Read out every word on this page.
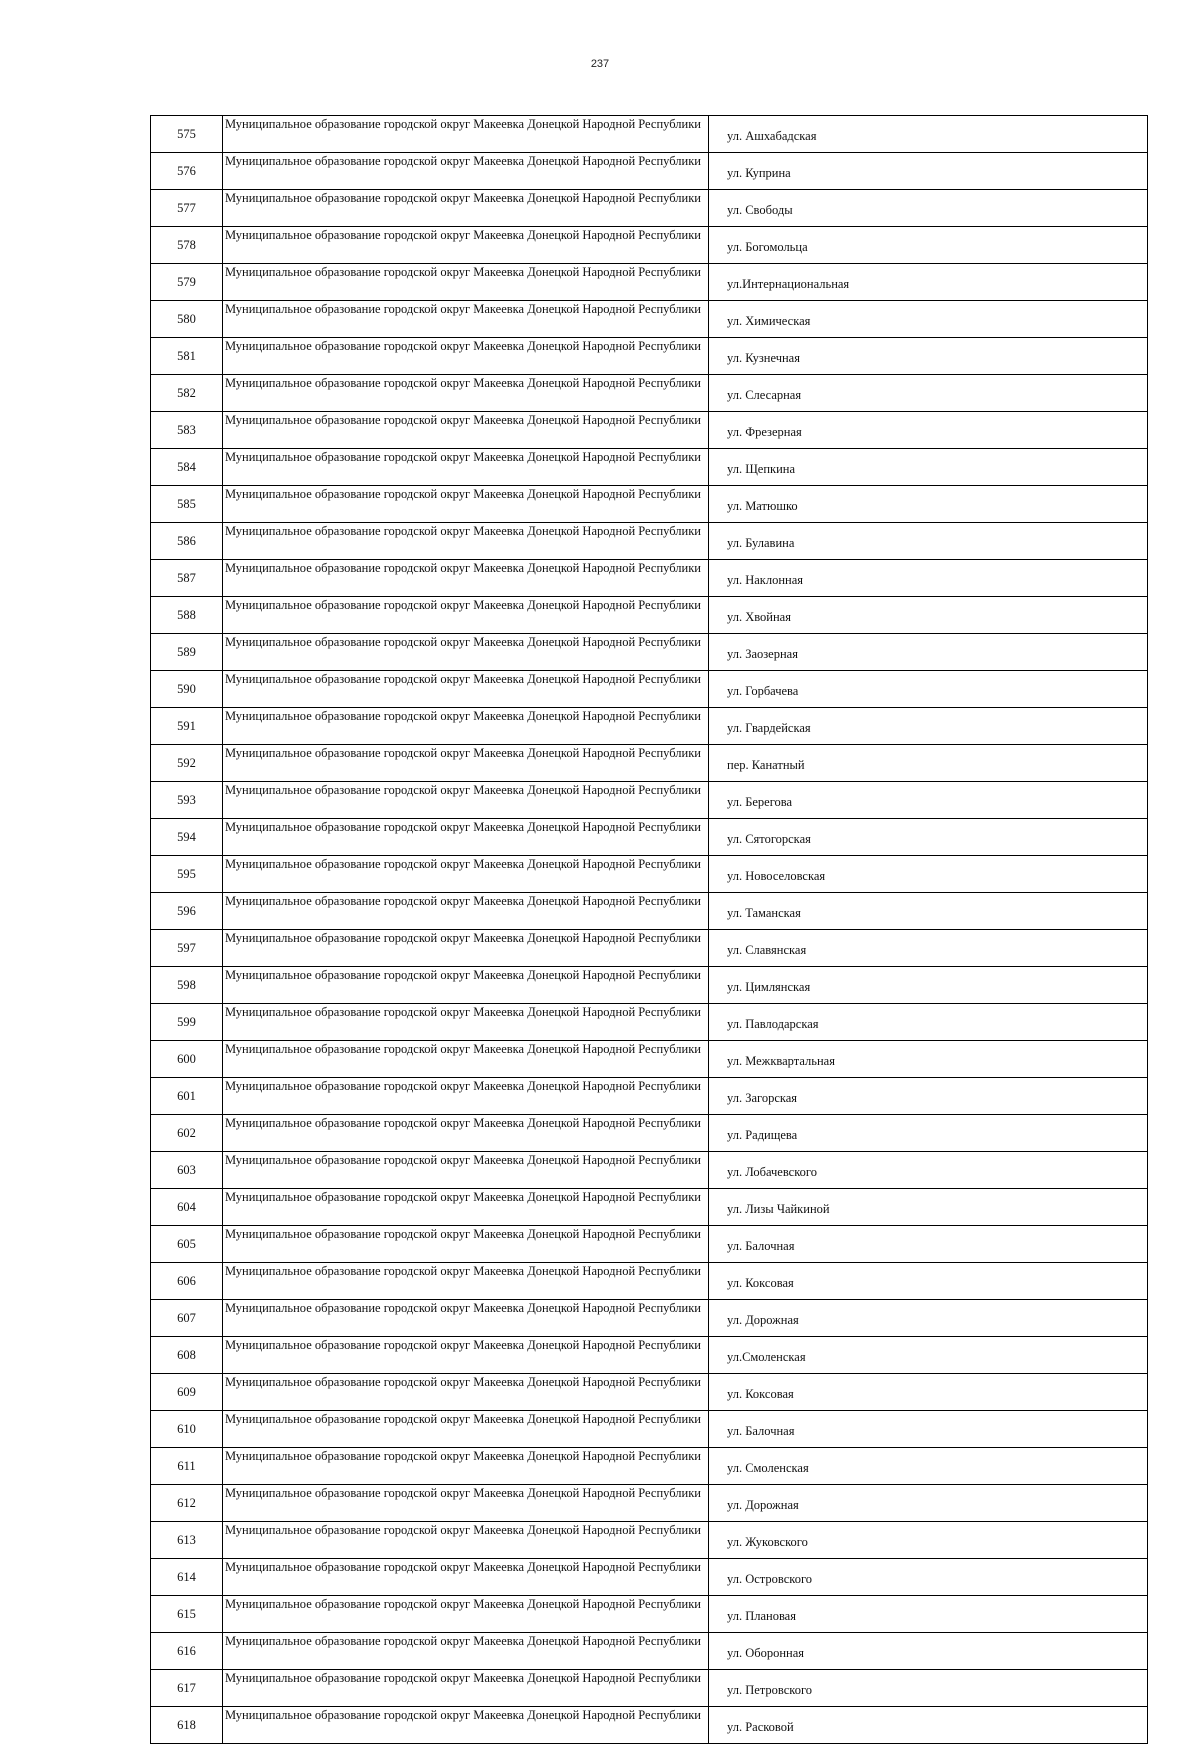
237
575	Муниципальное образование городской округ Макеевка Донецкой Народной Республики	ул. Ашхабадская
576	Муниципальное образование городской округ Макеевка Донецкой Народной Республики	ул. Куприна
577	Муниципальное образование городской округ Макеевка Донецкой Народной Республики	ул. Свободы
578	Муниципальное образование городской округ Макеевка Донецкой Народной Республики	ул. Богомольца
579	Муниципальное образование городской округ Макеевка Донецкой Народной Республики	ул.Интернациональная
580	Муниципальное образование городской округ Макеевка Донецкой Народной Республики	ул. Химическая
581	Муниципальное образование городской округ Макеевка Донецкой Народной Республики	ул. Кузнечная
582	Муниципальное образование городской округ Макеевка Донецкой Народной Республики	ул. Слесарная
583	Муниципальное образование городской округ Макеевка Донецкой Народной Республики	ул. Фрезерная
584	Муниципальное образование городской округ Макеевка Донецкой Народной Республики	ул. Щепкина
585	Муниципальное образование городской округ Макеевка Донецкой Народной Республики	ул. Матюшко
586	Муниципальное образование городской округ Макеевка Донецкой Народной Республики	ул. Булавина
587	Муниципальное образование городской округ Макеевка Донецкой Народной Республики	ул. Наклонная
588	Муниципальное образование городской округ Макеевка Донецкой Народной Республики	ул. Хвойная
589	Муниципальное образование городской округ Макеевка Донецкой Народной Республики	ул. Заозерная
590	Муниципальное образование городской округ Макеевка Донецкой Народной Республики	ул. Горбачева
591	Муниципальное образование городской округ Макеевка Донецкой Народной Республики	ул. Гвардейская
592	Муниципальное образование городской округ Макеевка Донецкой Народной Республики	пер. Канатный
593	Муниципальное образование городской округ Макеевка Донецкой Народной Республики	ул. Берегова
594	Муниципальное образование городской округ Макеевка Донецкой Народной Республики	ул. Сятогорская
595	Муниципальное образование городской округ Макеевка Донецкой Народной Республики	ул. Новоселовская
596	Муниципальное образование городской округ Макеевка Донецкой Народной Республики	ул. Таманская
597	Муниципальное образование городской округ Макеевка Донецкой Народной Республики	ул. Славянская
598	Муниципальное образование городской округ Макеевка Донецкой Народной Республики	ул. Цимлянская
599	Муниципальное образование городской округ Макеевка Донецкой Народной Республики	ул. Павлодарская
600	Муниципальное образование городской округ Макеевка Донецкой Народной Республики	ул. Межквартальная
601	Муниципальное образование городской округ Макеевка Донецкой Народной Республики	ул. Загорская
602	Муниципальное образование городской округ Макеевка Донецкой Народной Республики	ул. Радищева
603	Муниципальное образование городской округ Макеевка Донецкой Народной Республики	ул. Лобачевского
604	Муниципальное образование городской округ Макеевка Донецкой Народной Республики	ул. Лизы Чайкиной
605	Муниципальное образование городской округ Макеевка Донецкой Народной Республики	ул. Балочная
606	Муниципальное образование городской округ Макеевка Донецкой Народной Республики	ул. Коксовая
607	Муниципальное образование городской округ Макеевка Донецкой Народной Республики	ул. Дорожная
608	Муниципальное образование городской округ Макеевка Донецкой Народной Республики	ул.Смоленская
609	Муниципальное образование городской округ Макеевка Донецкой Народной Республики	ул. Коксовая
610	Муниципальное образование городской округ Макеевка Донецкой Народной Республики	ул. Балочная
611	Муниципальное образование городской округ Макеевка Донецкой Народной Республики	ул. Смоленская
612	Муниципальное образование городской округ Макеевка Донецкой Народной Республики	ул. Дорожная
613	Муниципальное образование городской округ Макеевка Донецкой Народной Республики	ул. Жуковского
614	Муниципальное образование городской округ Макеевка Донецкой Народной Республики	ул. Островского
615	Муниципальное образование городской округ Макеевка Донецкой Народной Республики	ул. Плановая
616	Муниципальное образование городской округ Макеевка Донецкой Народной Республики	ул. Оборонная
617	Муниципальное образование городской округ Макеевка Донецкой Народной Республики	ул. Петровского
618	Муниципальное образование городской округ Макеевка Донецкой Народной Республики	ул. Расковой
